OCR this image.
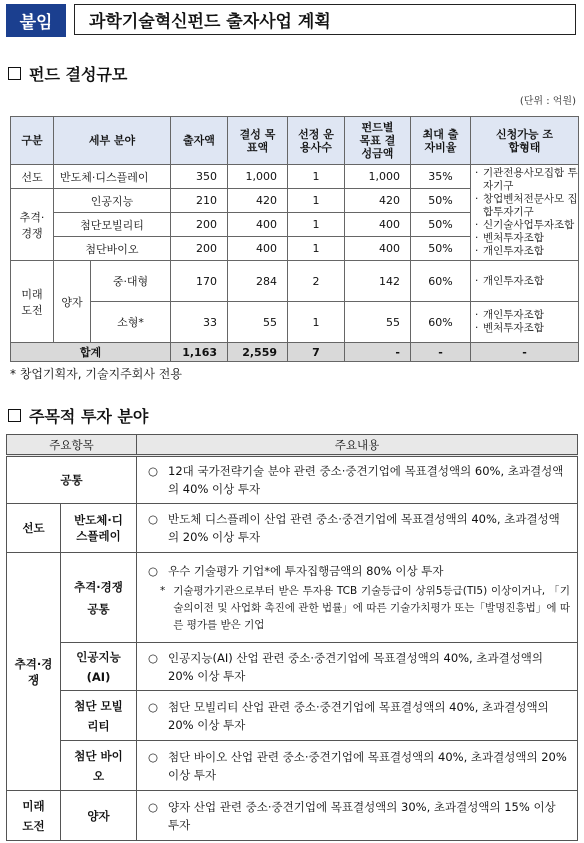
붙임	과학기술혁신펀드 출자사업 계획
펀드 결성규모
(단위 : 억원)
구분	세부 분야		출자액	결성 목표액	선정 운용사수	펀드별 목표 결성금액	최대 출자비율	신청가능 조합형태
선도	반도체·디스플레이		350	1,000	1	1,000	35%	· 기관전용사모집합 투자기구
· 창업벤처전문사모 집합투자기구
· 신기술사업투자조합
· 벤처투자조합
· 개인투자조합

추격·경쟁	인공지능		210	420	1	420	50%	
	첨단모빌리티		200	400	1	400	50%	
	첨단바이오		200	400	1	400	50%	
미래도전	양자	중·대형	170	284	2	142	60%	· 개인투자조합

		소형*	33	55	1	55	60%	· 개인투자조합
· 벤처투자조합

합계			1,163	2,559	7	-	-	-
* 창업기획자, 기술지주회사 전용
주목적 투자 분야
주요항목		주요내용
공통		○ 12대 국가전략기술 분야 관련 중소·중견기업에 목표결성액의 60%, 초과결성액의 40% 이상 투자

선도	반도체·디스플레이	○ 반도체 디스플레이 산업 관련 중소·중견기업에 목표결성액의 40%, 초과결성액의 20% 이상 투자

추격·경쟁	추격·경쟁 공통	○ 우수 기술평가 기업*에 투자집행금액의 80% 이상 투자
* 기술평가기관으로부터 받은 투자용 TCB 기술등급이 상위5등급(TI5) 이상이거나, 「기술의이전 및 사업화 촉진에 관한 법률」에 따른 기술가치평가 또는「발명진흥법」에 따른 평가를 받은 기업

	인공지능 (AI)	○ 인공지능(AI) 산업 관련 중소·중견기업에 목표결성액의 40%, 초과결성액의 20% 이상 투자

	첨단 모빌리티	○ 첨단 모빌리티 산업 관련 중소·중견기업에 목표결성액의 40%, 초과결성액의 20% 이상 투자

	첨단 바이오	○ 첨단 바이오 산업 관련 중소·중견기업에 목표결성액의 40%, 초과결성액의 20% 이상 투자

미래도전	양자	○ 양자 산업 관련 중소·중견기업에 목표결성액의 30%, 초과결성액의 15% 이상 투자
